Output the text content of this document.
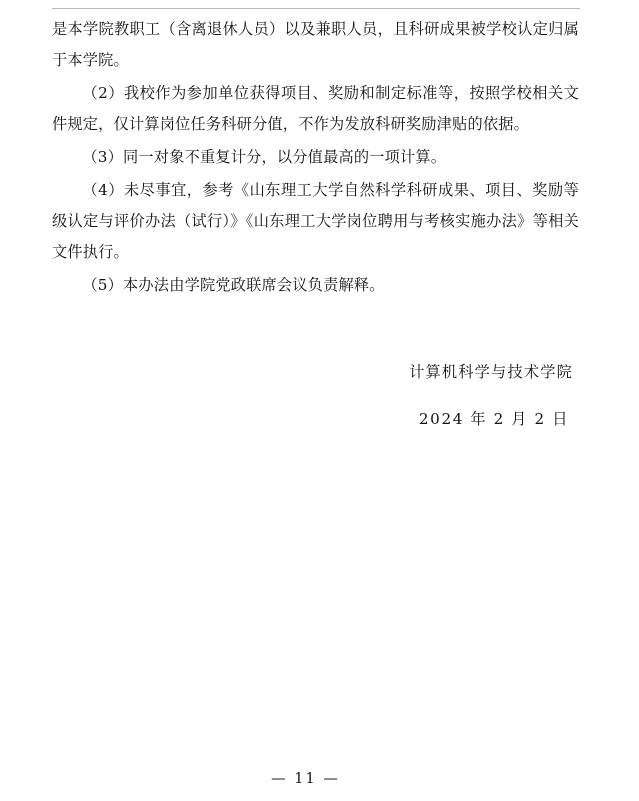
是本学院教职工（含离退休人员）以及兼职人员，且科研成果被学校认定归属于本学院。

（2）我校作为参加单位获得项目、奖励和制定标准等，按照学校相关文件规定，仅计算岗位任务科研分值，不作为发放科研奖励津贴的依据。

（3）同一对象不重复计分，以分值最高的一项计算。

（4）未尽事宜，参考《山东理工大学自然科学科研成果、项目、奖励等级认定与评价办法（试行）》《山东理工大学岗位聘用与考核实施办法》等相关文件执行。

（5）本办法由学院党政联席会议负责解释。

计算机科学与技术学院
2024 年 2 月 2 日
— 11 —
